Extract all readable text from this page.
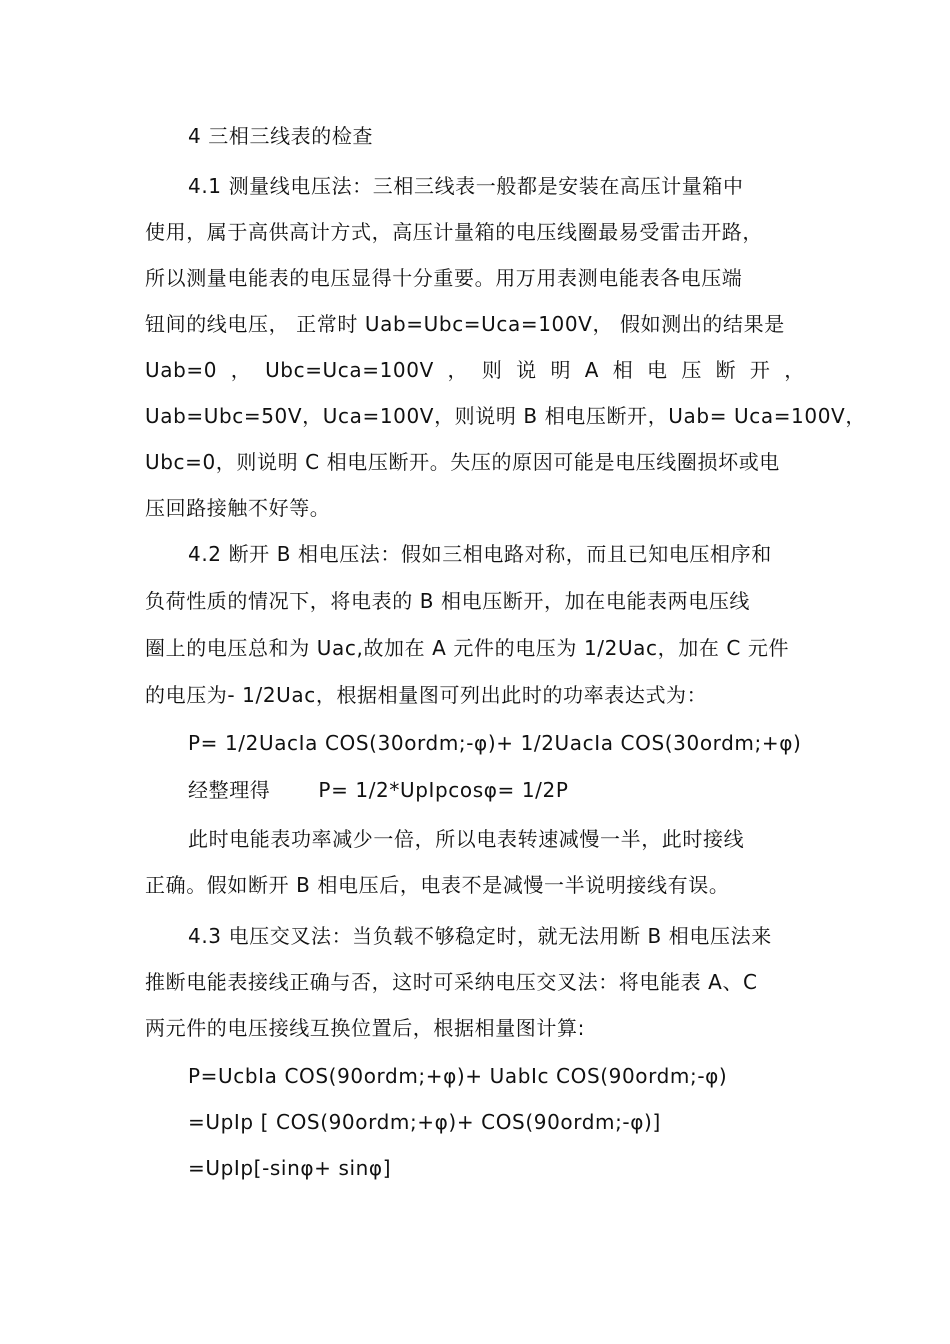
4 三相三线表的检查
4.1 测量线电压法：三相三线表一般都是安装在高压计量箱中
使用，属于高供高计方式，高压计量箱的电压线圈最易受雷击开路，
所以测量电能表的电压显得十分重要。用万用表测电能表各电压端
钮间的线电压， 正常时 Uab=Ubc=Uca=100V， 假如测出的结果是
Uab=0 ， Ubc=Uca=100V ， 则 说 明 A 相 电 压 断 开 ，
Uab=Ubc=50V，Uca=100V，则说明 B 相电压断开，Uab= Uca=100V，
Ubc=0，则说明 C 相电压断开。失压的原因可能是电压线圈损坏或电
压回路接触不好等。
4.2 断开 B 相电压法：假如三相电路对称，而且已知电压相序和
负荷性质的情况下，将电表的 B 相电压断开，加在电能表两电压线
圈上的电压总和为 Uac,故加在 A 元件的电压为 1/2Uac，加在 C 元件
的电压为- 1/2Uac，根据相量图可列出此时的功率表达式为：
P= 1/2UacIa COS(30ordm;-φ)+ 1/2UacIa COS(30ordm;+φ)
经整理得 P= 1/2*UpIpcosφ= 1/2P
此时电能表功率减少一倍，所以电表转速减慢一半，此时接线
正确。假如断开 B 相电压后，电表不是减慢一半说明接线有误。
4.3 电压交叉法：当负载不够稳定时，就无法用断 B 相电压法来
推断电能表接线正确与否，这时可采纳电压交叉法：将电能表 A、C
两元件的电压接线互换位置后，根据相量图计算:
P=UcbIa COS(90ordm;+φ)+ UabIc COS(90ordm;-φ)
=UpIp [ COS(90ordm;+φ)+ COS(90ordm;-φ)]
=UpIp[-sinφ+ sinφ]
